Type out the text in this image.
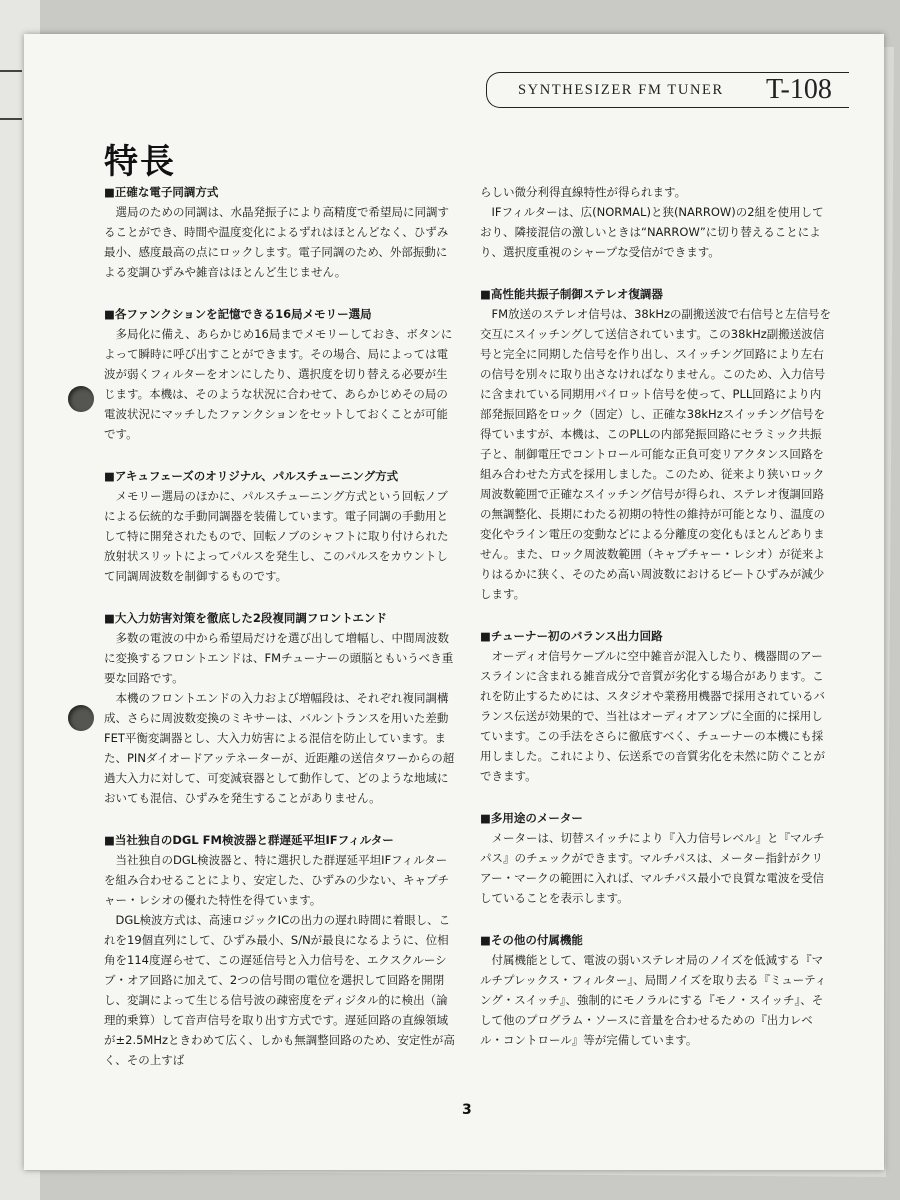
SYNTHESIZER FM TUNER T-108
特長

■正確な電子同調方式

選局のための同調は、水晶発振子により高精度で希望局に同調することができ、時間や温度変化によるずれはほとんどなく、ひずみ最小、感度最高の点にロックします。電子同調のため、外部振動による変調ひずみや雑音はほとんど生じません。

■各ファンクションを記憶できる16局メモリー選局

多局化に備え、あらかじめ16局までメモリーしておき、ボタンによって瞬時に呼び出すことができます。その場合、局によっては電波が弱くフィルターをオンにしたり、選択度を切り替える必要が生じます。本機は、そのような状況に合わせて、あらかじめその局の電波状況にマッチしたファンクションをセットしておくことが可能です。

■アキュフェーズのオリジナル、パルスチューニング方式

メモリー選局のほかに、パルスチューニング方式という回転ノブによる伝統的な手動同調器を装備しています。電子同調の手動用として特に開発されたもので、回転ノブのシャフトに取り付けられた放射状スリットによってパルスを発生し、このパルスをカウントして同調周波数を制御するものです。

■大入力妨害対策を徹底した2段複同調フロントエンド

多数の電波の中から希望局だけを選び出して増幅し、中間周波数に変換するフロントエンドは、FMチューナーの頭脳ともいうべき重要な回路です。

本機のフロントエンドの入力および増幅段は、それぞれ複同調構成、さらに周波数変換のミキサーは、バルントランスを用いた差動FET平衡変調器とし、大入力妨害による混信を防止しています。また、PINダイオードアッテネーターが、近距離の送信タワーからの超過大入力に対して、可変減衰器として動作して、どのような地域においても混信、ひずみを発生することがありません。

■当社独自のDGL FM検波器と群遅延平坦IFフィルター

当社独自のDGL検波器と、特に選択した群遅延平坦IFフィルターを組み合わせることにより、安定した、ひずみの少ない、キャプチャー・レシオの優れた特性を得ています。

DGL検波方式は、高速ロジックICの出力の遅れ時間に着眼し、これを19個直列にして、ひずみ最小、S/Nが最良になるように、位相角を114度遅らせて、この遅延信号と入力信号を、エクスクルーシブ・オア回路に加えて、2つの信号間の電位を選択して回路を開閉し、変調によって生じる信号波の疎密度をディジタル的に検出（論理的乗算）して音声信号を取り出す方式です。遅延回路の直線領域が±2.5MHzときわめて広く、しかも無調整回路のため、安定性が高く、その上すば

らしい微分利得直線特性が得られます。

IFフィルターは、広(NORMAL)と狭(NARROW)の2組を使用しており、隣接混信の激しいときは“NARROW”に切り替えることにより、選択度重視のシャープな受信ができます。

■高性能共振子制御ステレオ復調器

FM放送のステレオ信号は、38kHzの副搬送波で右信号と左信号を交互にスイッチングして送信されています。この38kHz副搬送波信号と完全に同期した信号を作り出し、スイッチング回路により左右の信号を別々に取り出さなければなりません。このため、入力信号に含まれている同期用パイロット信号を使って、PLL回路により内部発振回路をロック（固定）し、正確な38kHzスイッチング信号を得ていますが、本機は、このPLLの内部発振回路にセラミック共振子と、制御電圧でコントロール可能な正負可変リアクタンス回路を組み合わせた方式を採用しました。このため、従来より狭いロック周波数範囲で正確なスイッチング信号が得られ、ステレオ復調回路の無調整化、長期にわたる初期の特性の維持が可能となり、温度の変化やライン電圧の変動などによる分離度の変化もほとんどありません。また、ロック周波数範囲（キャプチャー・レシオ）が従来よりはるかに狭く、そのため高い周波数におけるビートひずみが減少します。

■チューナー初のバランス出力回路

オーディオ信号ケーブルに空中雑音が混入したり、機器間のアースラインに含まれる雑音成分で音質が劣化する場合があります。これを防止するためには、スタジオや業務用機器で採用されているバランス伝送が効果的で、当社はオーディオアンプに全面的に採用しています。この手法をさらに徹底すべく、チューナーの本機にも採用しました。これにより、伝送系での音質劣化を未然に防ぐことができます。

■多用途のメーター

メーターは、切替スイッチにより『入力信号レベル』と『マルチパス』のチェックができます。マルチパスは、メーター指針がクリアー・マークの範囲に入れば、マルチパス最小で良質な電波を受信していることを表示します。

■その他の付属機能

付属機能として、電波の弱いステレオ局のノイズを低減する『マルチプレックス・フィルター』、局間ノイズを取り去る『ミューティング・スイッチ』、強制的にモノラルにする『モノ・スイッチ』、そして他のプログラム・ソースに音量を合わせるための『出力レベル・コントロール』等が完備しています。

3
